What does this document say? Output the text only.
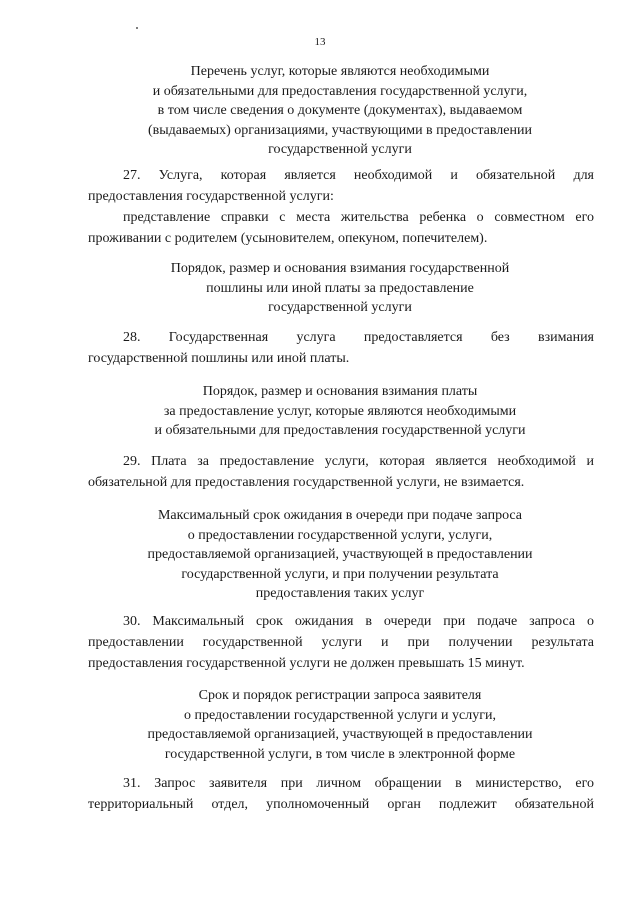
13
Перечень услуг, которые являются необходимыми
и обязательными для предоставления государственной услуги,
в том числе сведения о документе (документах), выдаваемом
(выдаваемых) организациями, участвующими в предоставлении
государственной услуги
27. Услуга, которая является необходимой и обязательной для
предоставления государственной услуги:
представление справки с места жительства ребенка о совместном его
проживании с родителем (усыновителем, опекуном, попечителем).
Порядок, размер и основания взимания государственной
пошлины или иной платы за предоставление
государственной услуги
28. Государственная услуга предоставляется без взимания
государственной пошлины или иной платы.
Порядок, размер и основания взимания платы
за предоставление услуг, которые являются необходимыми
и обязательными для предоставления государственной услуги
29. Плата за предоставление услуги, которая является необходимой и
обязательной для предоставления государственной услуги, не взимается.
Максимальный срок ожидания в очереди при подаче запроса
о предоставлении государственной услуги, услуги,
предоставляемой организацией, участвующей в предоставлении
государственной услуги, и при получении результата
предоставления таких услуг
30. Максимальный срок ожидания в очереди при подаче запроса о
предоставлении государственной услуги и при получении результата
предоставления государственной услуги не должен превышать 15 минут.
Срок и порядок регистрации запроса заявителя
о предоставлении государственной услуги и услуги,
предоставляемой организацией, участвующей в предоставлении
государственной услуги, в том числе в электронной форме
31. Запрос заявителя при личном обращении в министерство, его
территориальный отдел, уполномоченный орган подлежит обязательной
